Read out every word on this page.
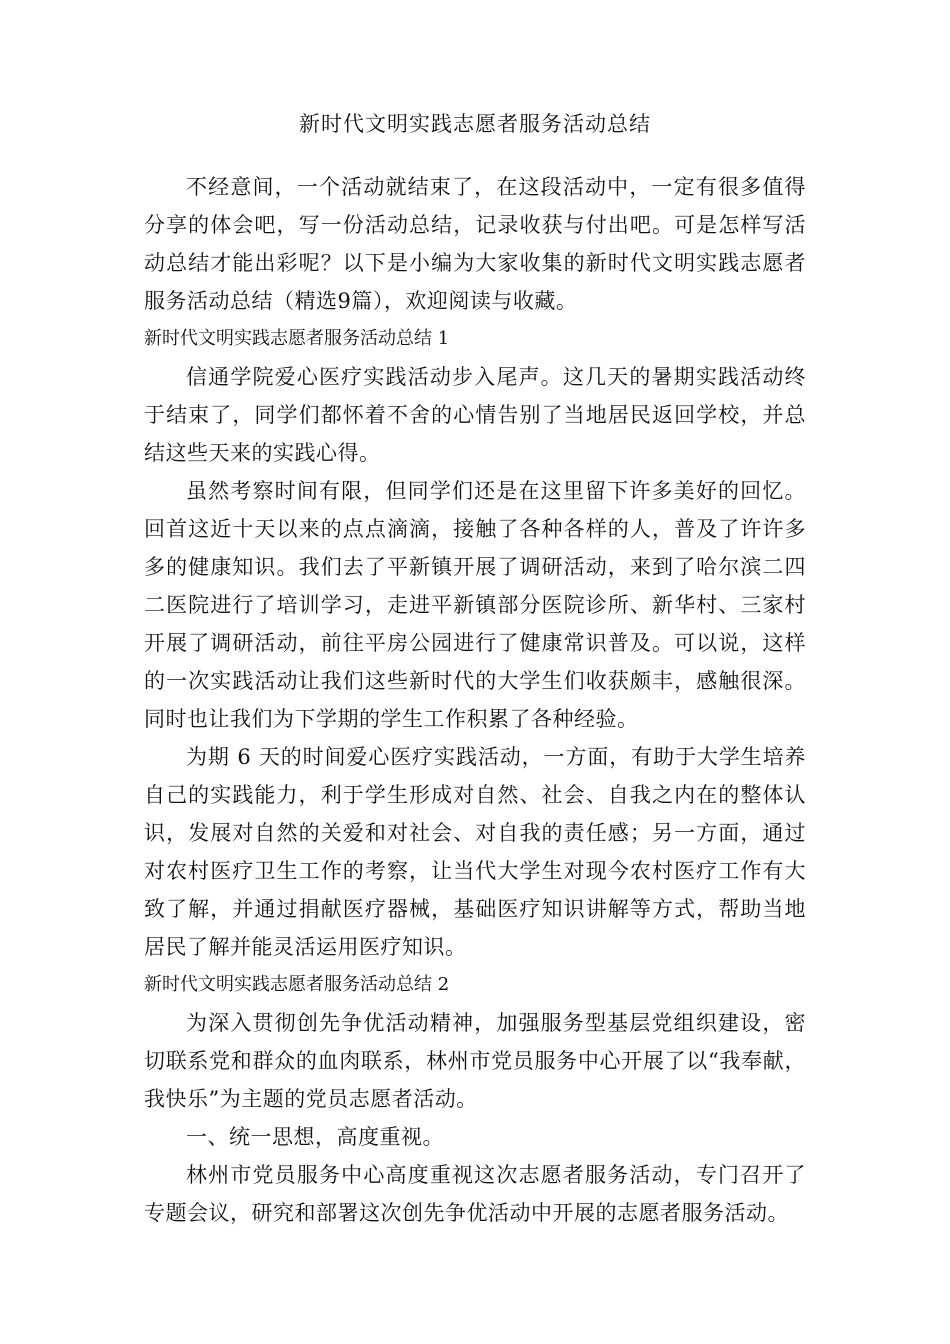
新时代文明实践志愿者服务活动总结

不经意间，一个活动就结束了，在这段活动中，一定有很多值得分享的体会吧，写一份活动总结，记录收获与付出吧。可是怎样写活动总结才能出彩呢？以下是小编为大家收集的新时代文明实践志愿者服务活动总结（精选9篇），欢迎阅读与收藏。

新时代文明实践志愿者服务活动总结 1

信通学院爱心医疗实践活动步入尾声。这几天的暑期实践活动终于结束了，同学们都怀着不舍的心情告别了当地居民返回学校，并总结这些天来的实践心得。

虽然考察时间有限，但同学们还是在这里留下许多美好的回忆。回首这近十天以来的点点滴滴，接触了各种各样的人，普及了许许多多的健康知识。我们去了平新镇开展了调研活动，来到了哈尔滨二四二医院进行了培训学习，走进平新镇部分医院诊所、新华村、三家村开展了调研活动，前往平房公园进行了健康常识普及。可以说，这样的一次实践活动让我们这些新时代的大学生们收获颇丰，感触很深。同时也让我们为下学期的学生工作积累了各种经验。

为期 6 天的时间爱心医疗实践活动，一方面，有助于大学生培养自己的实践能力，利于学生形成对自然、社会、自我之内在的整体认识，发展对自然的关爱和对社会、对自我的责任感；另一方面，通过对农村医疗卫生工作的考察，让当代大学生对现今农村医疗工作有大致了解，并通过捐献医疗器械，基础医疗知识讲解等方式，帮助当地居民了解并能灵活运用医疗知识。

新时代文明实践志愿者服务活动总结 2

为深入贯彻创先争优活动精神，加强服务型基层党组织建设，密切联系党和群众的血肉联系，林州市党员服务中心开展了以“我奉献，我快乐”为主题的党员志愿者活动。

一、统一思想，高度重视。

林州市党员服务中心高度重视这次志愿者服务活动，专门召开了专题会议，研究和部署这次创先争优活动中开展的志愿者服务活动。
